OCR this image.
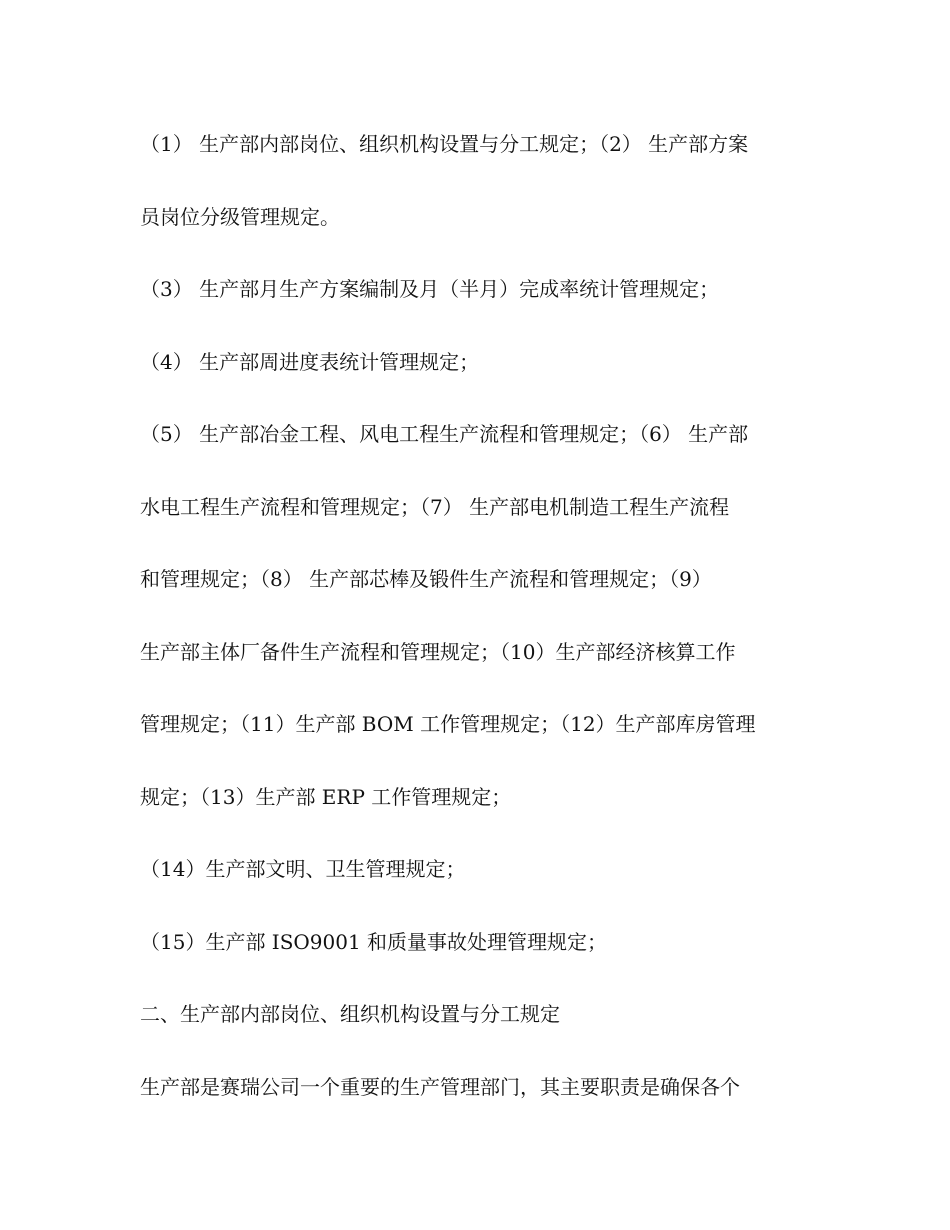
（1） 生产部内部岗位、组织机构设置与分工规定；（2） 生产部方案
员岗位分级管理规定。
（3） 生产部月生产方案编制及月（半月）完成率统计管理规定；
（4） 生产部周进度表统计管理规定；
（5） 生产部冶金工程、风电工程生产流程和管理规定；（6） 生产部
水电工程生产流程和管理规定；（7） 生产部电机制造工程生产流程
和管理规定；（8） 生产部芯棒及锻件生产流程和管理规定；（9）
生产部主体厂备件生产流程和管理规定；（10）生产部经济核算工作
管理规定；（11）生产部 BOM 工作管理规定；（12）生产部库房管理
规定；（13）生产部 ERP 工作管理规定；
（14）生产部文明、卫生管理规定；
（15）生产部 ISO9001 和质量事故处理管理规定；
二、生产部内部岗位、组织机构设置与分工规定
生产部是赛瑞公司一个重要的生产管理部门，其主要职责是确保各个
